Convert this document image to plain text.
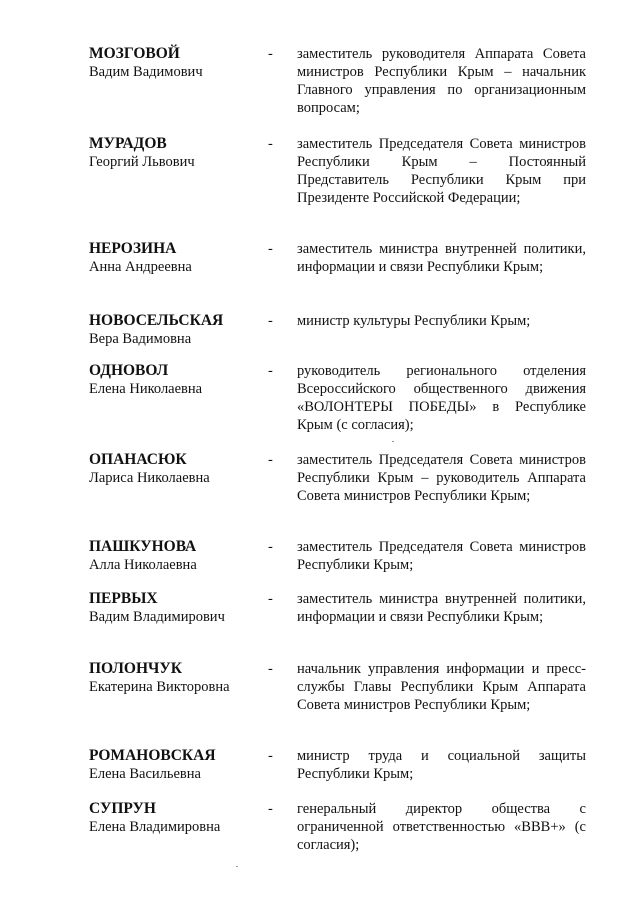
МОЗГОВОЙ
Вадим Вадимович
- заместитель руководителя Аппарата Совета министров Республики Крым – начальник Главного управления по организационным вопросам;
МУРАДОВ
Георгий Львович
- заместитель Председателя Совета министров Республики Крым – Постоянный Представитель Республики Крым при Президенте Российской Федерации;
НЕРОЗИНА
Анна Андреевна
- заместитель министра внутренней политики, информации и связи Республики Крым;
НОВОСЕЛЬСКАЯ
Вера Вадимовна
- министр культуры Республики Крым;
ОДНОВОЛ
Елена Николаевна
- руководитель регионального отделения Всероссийского общественного движения «ВОЛОНТЕРЫ ПОБЕДЫ» в Республике Крым (с согласия);
ОПАНАСЮК
Лариса Николаевна
- заместитель Председателя Совета министров Республики Крым – руководитель Аппарата Совета министров Республики Крым;
ПАШКУНОВА
Алла Николаевна
- заместитель Председателя Совета министров Республики Крым;
ПЕРВЫХ
Вадим Владимирович
- заместитель министра внутренней политики, информации и связи Республики Крым;
ПОЛОНЧУК
Екатерина Викторовна
- начальник управления информации и пресс-службы Главы Республики Крым Аппарата Совета министров Республики Крым;
РОМАНОВСКАЯ
Елена Васильевна
- министр труда и социальной защиты Республики Крым;
СУПРУН
Елена Владимировна
- генеральный директор общества с ограниченной ответственностью «ВВВ+» (с согласия);
